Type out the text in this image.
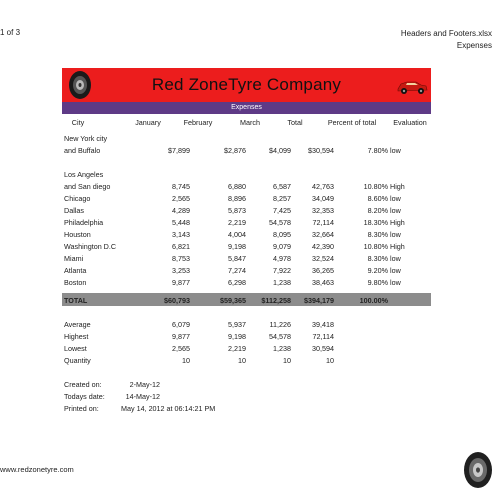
1 of 3	Headers and Footers.xlsx
Expenses
Red ZoneTyre Company
Expenses
City	January	February	March	Total	Percent of total Evaluation
New York city
and Buffalo	$7,899	$2,876	$4,099 $30,594	7.80% low
Los Angeles
and San diego	8,745	6,880	6,587	42,763	10.80% High
Chicago	2,565	8,896	8,257	34,049	8.60% low
Dallas	4,289	5,873	7,425	32,353	8.20% low
Philadelphia	5,448	2,219	54,578	72,114	18.30% High
Houston	3,143	4,004	8,095	32,664	8.30% low
Washington D.C	6,821	9,198	9,079	42,390	10.80% High
Miami	8,753	5,847	4,978	32,524	8.30% low
Atlanta	3,253	7,274	7,922	36,265	9.20% low
Boston	9,877	6,298	1,238	38,463	9.80% low
TOTAL	$60,793	$59,365 $112,258 $394,179	100.00%
Average	6,079	5,937	11,226	39,418
Highest	9,877	9,198	54,578	72,114
Lowest	2,565	2,219	1,238	30,594
Quantity	10	10	10	10
Created on:	2-May-12
Todays date:	14-May-12
Printed on:	May 14, 2012 at 06:14:21 PM
www.redzonetyre.com
